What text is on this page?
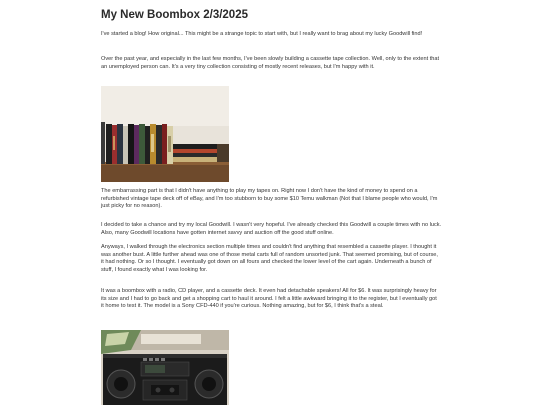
My New Boombox 2/3/2025

I've started a blog! How original... This might be a strange topic to start with, but I really want to brag about my lucky Goodwill find!

Over the past year, and especially in the last few months, I've been slowly building a cassette tape collection. Well, only to the extent that an unemployed person can. It's a very tiny collection consisting of mostly recent releases, but I'm happy with it.

The embarrassing part is that I didn't have anything to play my tapes on. Right now I don't have the kind of money to spend on a refurbished vintage tape deck off of eBay, and I'm too stubborn to buy some $10 Temu walkman (Not that I blame people who would, I'm just picky for no reason).

I decided to take a chance and try my local Goodwill. I wasn't very hopeful. I've already checked this Goodwill a couple times with no luck. Also, many Goodwill locations have gotten internet savvy and auction off the good stuff online.

Anyways, I walked through the electronics section multiple times and couldn't find anything that resembled a cassette player. I thought it was another bust. A little further ahead was one of those metal carts full of random unsorted junk. That seemed promising, but of course, it had nothing. Or so I thought. I eventually got down on all fours and checked the lower level of the cart again. Underneath a bunch of stuff, I found exactly what I was looking for.

It was a boombox with a radio, CD player, and a cassette deck. It even had detachable speakers! All for $6. It was surprisingly heavy for its size and I had to go back and get a shopping cart to haul it around. I felt a little awkward bringing it to the register, but I eventually got it home to test it. The model is a Sony CFD-440 if you're curious. Nothing amazing, but for $6, I think that's a steal.
